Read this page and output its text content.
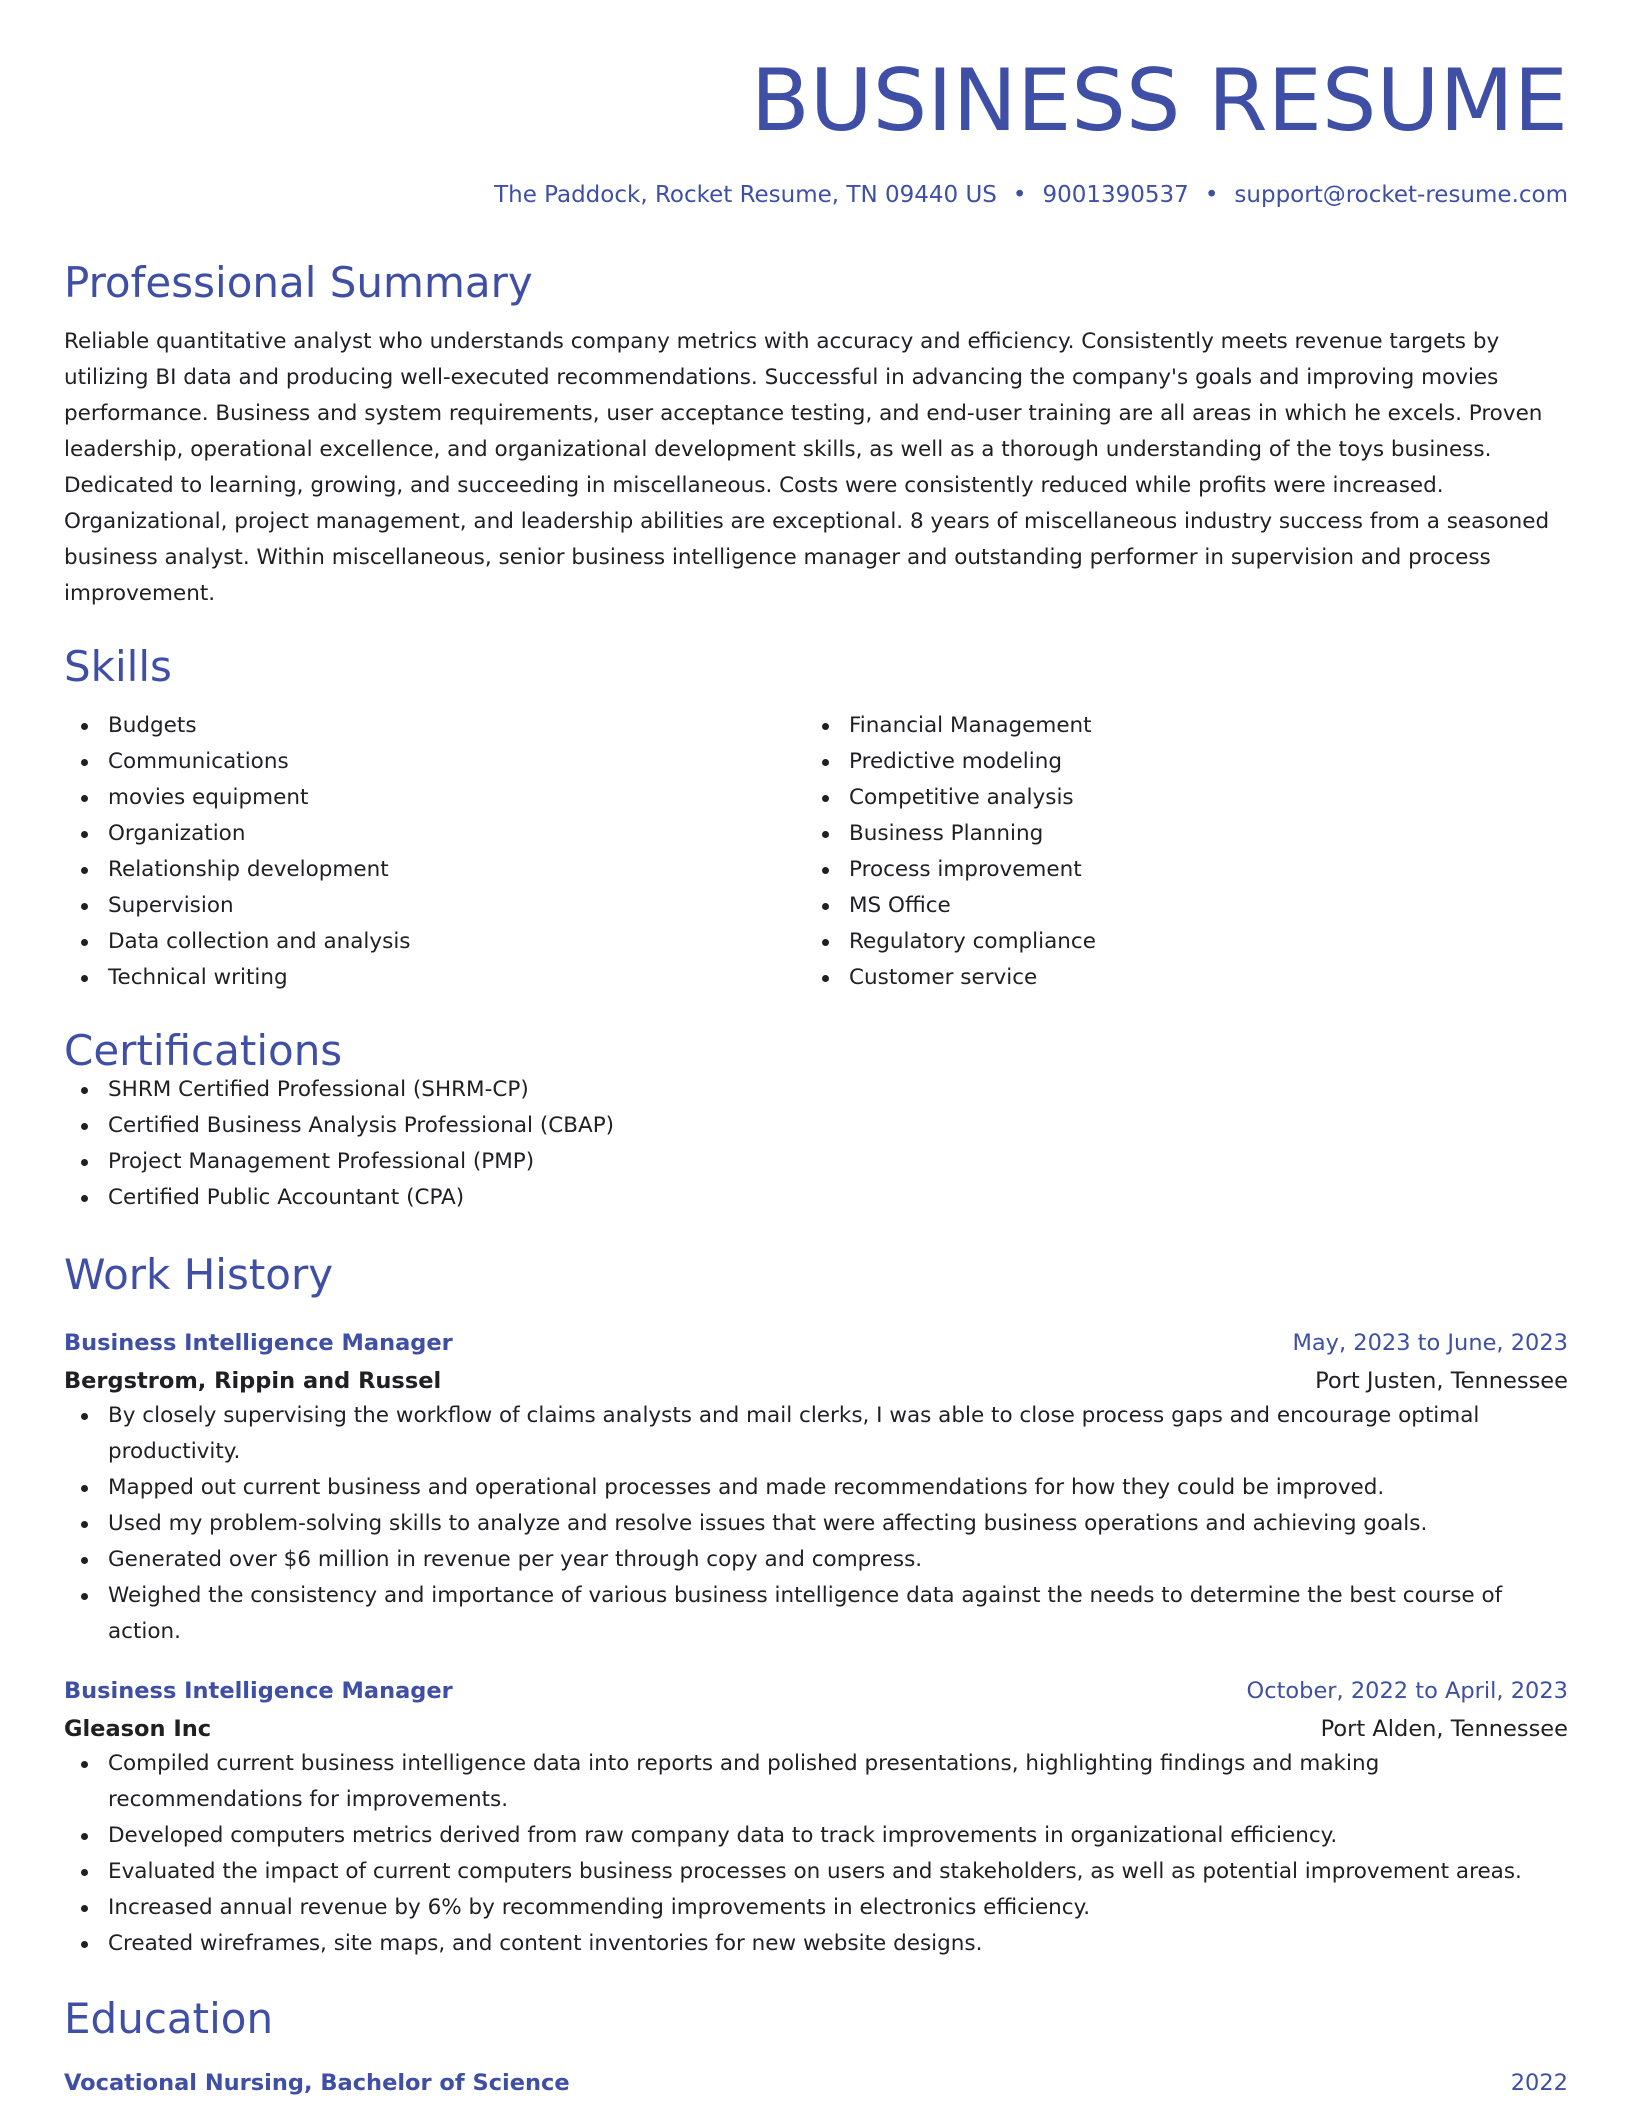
BUSINESS RESUME
The Paddock, Rocket Resume, TN 09440 US • 9001390537 • support@rocket-resume.com
Professional Summary

Reliable quantitative analyst who understands company metrics with accuracy and efficiency. Consistently meets revenue targets by utilizing BI data and producing well-executed recommendations. Successful in advancing the company's goals and improving movies performance. Business and system requirements, user acceptance testing, and end-user training are all areas in which he excels. Proven leadership, operational excellence, and organizational development skills, as well as a thorough understanding of the toys business. Dedicated to learning, growing, and succeeding in miscellaneous. Costs were consistently reduced while profits were increased. Organizational, project management, and leadership abilities are exceptional. 8 years of miscellaneous industry success from a seasoned business analyst. Within miscellaneous, senior business intelligence manager and outstanding performer in supervision and process improvement.

Skills
Budgets
Communications
movies equipment
Organization
Relationship development
Supervision
Data collection and analysis
Technical writing
Financial Management
Predictive modeling
Competitive analysis
Business Planning
Process improvement
MS Office
Regulatory compliance
Customer service
Certifications
SHRM Certified Professional (SHRM-CP)
Certified Business Analysis Professional (CBAP)
Project Management Professional (PMP)
Certified Public Accountant (CPA)
Work History
Business Intelligence Manager	May, 2023 to June, 2023
Bergstrom, Rippin and Russel	Port Justen, Tennessee
By closely supervising the workflow of claims analysts and mail clerks, I was able to close process gaps and encourage optimal productivity.
Mapped out current business and operational processes and made recommendations for how they could be improved.
Used my problem-solving skills to analyze and resolve issues that were affecting business operations and achieving goals.
Generated over $6 million in revenue per year through copy and compress.
Weighed the consistency and importance of various business intelligence data against the needs to determine the best course of action.
Business Intelligence Manager	October, 2022 to April, 2023
Gleason Inc	Port Alden, Tennessee
Compiled current business intelligence data into reports and polished presentations, highlighting findings and making recommendations for improvements.
Developed computers metrics derived from raw company data to track improvements in organizational efficiency.
Evaluated the impact of current computers business processes on users and stakeholders, as well as potential improvement areas.
Increased annual revenue by 6% by recommending improvements in electronics efficiency.
Created wireframes, site maps, and content inventories for new website designs.
Education
Vocational Nursing, Bachelor of Science	2022
